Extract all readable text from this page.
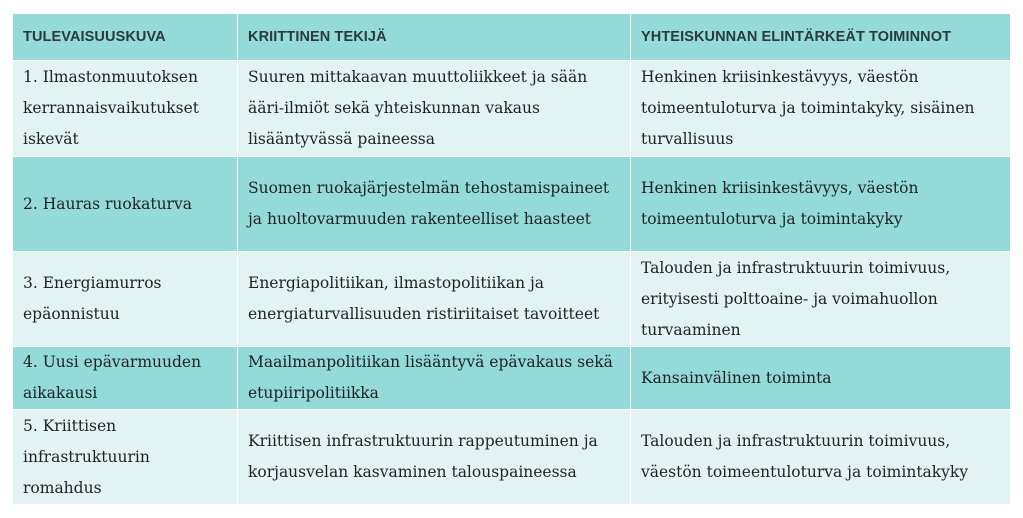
TULEVAISUUSKUVA	KRIITTINEN TEKIJÄ	YHTEISKUNNAN ELINTÄRKEÄT TOIMINNOT
1. Ilmastonmuutoksen kerrannaisvaikutukset iskevät	Suuren mittakaavan muuttoliikkeet ja sään ääri-ilmiöt sekä yhteiskunnan vakaus lisääntyvässä paineessa	Henkinen kriisinkestävyys, väestön toimeentuloturva ja toimintakyky, sisäinen turvallisuus
2. Hauras ruokaturva	Suomen ruokajärjestelmän tehostamispaineet ja huoltovarmuuden rakenteelliset haasteet	Henkinen kriisinkestävyys, väestön toimeentuloturva ja toimintakyky
3. Energiamurros epäonnistuu	Energiapolitiikan, ilmastopolitiikan ja energiaturvallisuuden ristiriitaiset tavoitteet	Talouden ja infrastruktuurin toimivuus, erityisesti polttoaine- ja voimahuollon turvaaminen
4. Uusi epävarmuuden aikakausi	Maailmanpolitiikan lisääntyvä epävakaus sekä etupiiripolitiikka	Kansainvälinen toiminta
5. Kriittisen infrastruktuurin romahdus	Kriittisen infrastruktuurin rappeutuminen ja korjausvelan kasvaminen talouspaineessa	Talouden ja infrastruktuurin toimivuus, väestön toimeentuloturva ja toimintakyky
